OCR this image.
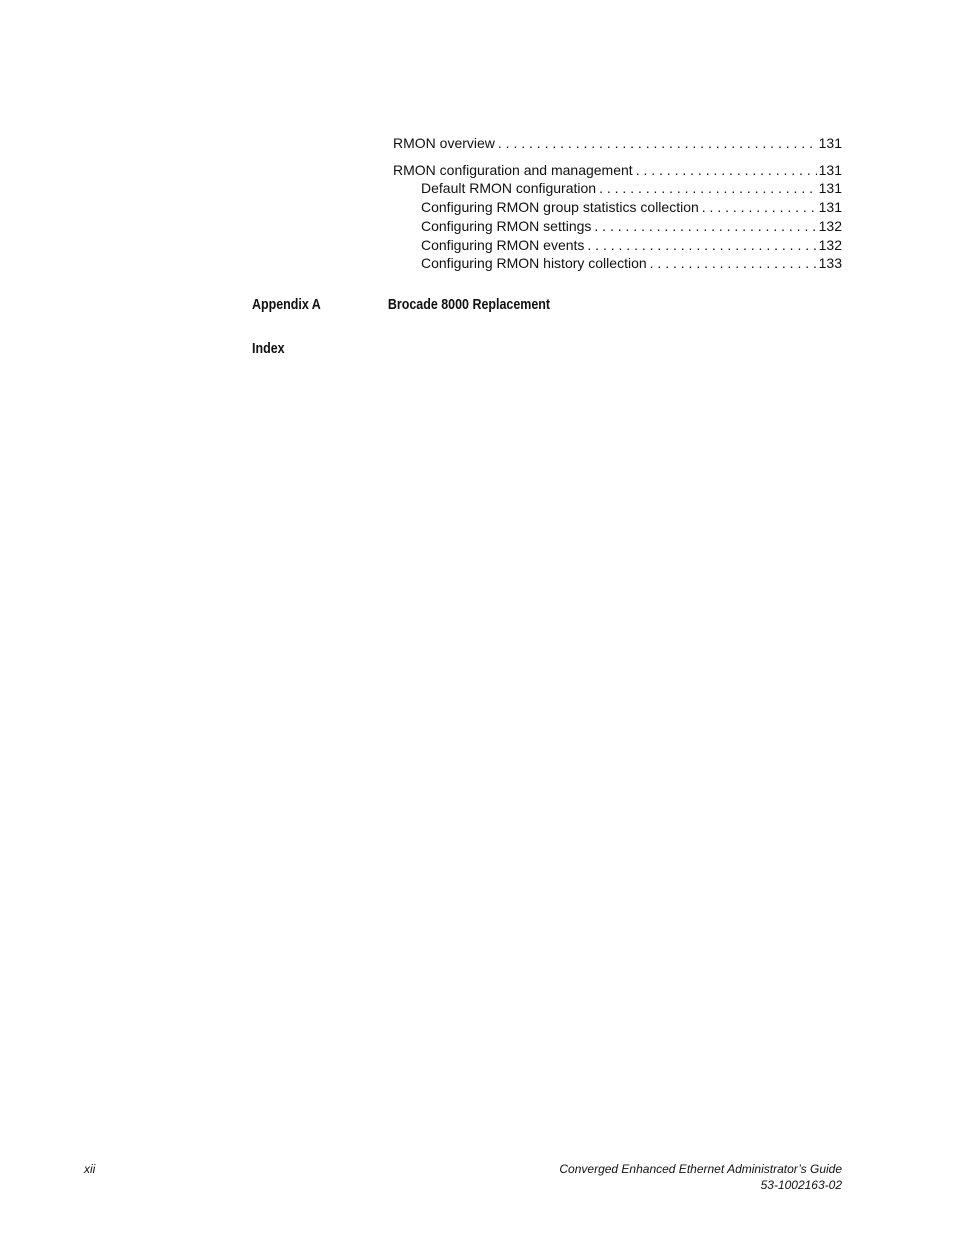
RMON overview . . .	131
RMON configuration and management . . .	131
Default RMON configuration . . .	131
Configuring RMON group statistics collection . . .	131
Configuring RMON settings . . .	132
Configuring RMON events . . .	132
Configuring RMON history collection . . .	133
Appendix A	Brocade 8000 Replacement
Index
xii	Converged Enhanced Ethernet Administrator’s Guide
53-1002163-02
